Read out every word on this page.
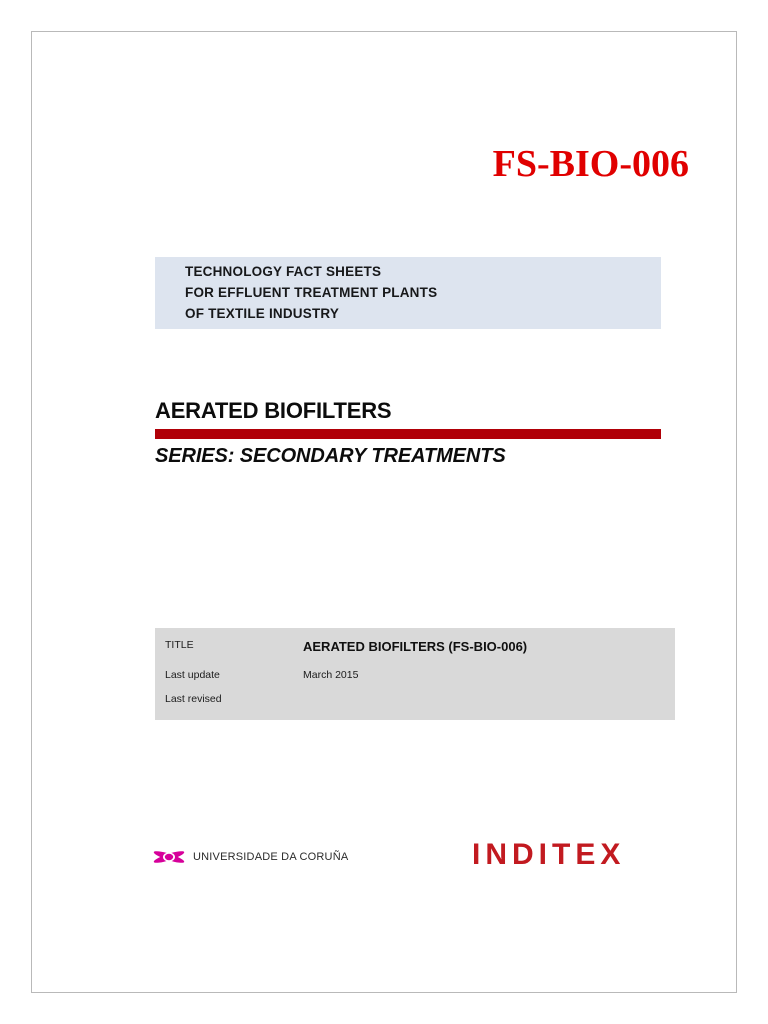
FS-BIO-006
TECHNOLOGY FACT SHEETS
FOR EFFLUENT TREATMENT PLANTS
OF TEXTILE INDUSTRY
AERATED BIOFILTERS
SERIES: SECONDARY TREATMENTS
TITLE	AERATED BIOFILTERS (FS-BIO-006)
Last update	March 2015
Last revised
UNIVERSIDADE DA CORUÑA	INDITEX
